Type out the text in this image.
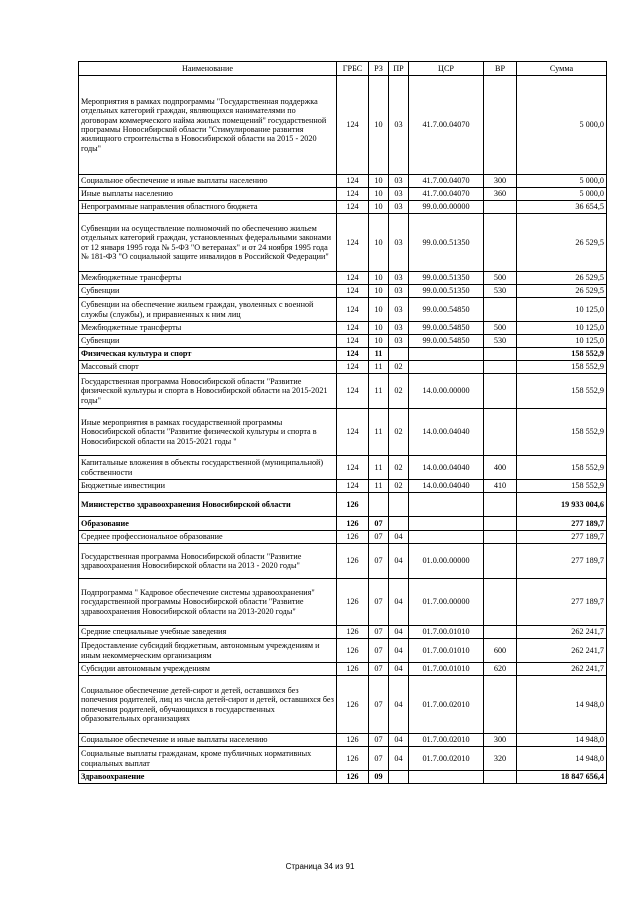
Наименование	ГРБС	РЗ	ПР	ЦСР	ВР	Сумма
Мероприятия в рамках подпрограммы "Государственная поддержка отдельных категорий граждан, являющихся нанимателями по договорам коммерческого найма жилых помещений" государственной программы Новосибирской области "Стимулирование развития жилищного строительства в Новосибирской области на 2015 - 2020 годы"	124	10	03	41.7.00.04070		5 000,0
Социальное обеспечение и иные выплаты населению	124	10	03	41.7.00.04070	300	5 000,0
Иные выплаты населению	124	10	03	41.7.00.04070	360	5 000,0
Непрограммные направления областного бюджета	124	10	03	99.0.00.00000		36 654,5
Субвенции на осуществление полномочий по обеспечению жильем отдельных категорий граждан, установленных федеральными законами от 12 января 1995 года № 5-ФЗ "О ветеранах" и от 24 ноября 1995 года № 181-ФЗ "О социальной защите инвалидов в Российской Федерации"	124	10	03	99.0.00.51350		26 529,5
Межбюджетные трансферты	124	10	03	99.0.00.51350	500	26 529,5
Субвенции	124	10	03	99.0.00.51350	530	26 529,5
Субвенции на обеспечение жильем граждан, уволенных с военной службы (службы), и приравненных к ним лиц	124	10	03	99.0.00.54850		10 125,0
Межбюджетные трансферты	124	10	03	99.0.00.54850	500	10 125,0
Субвенции	124	10	03	99.0.00.54850	530	10 125,0
Физическая культура и спорт	124	11				158 552,9
Массовый спорт	124	11	02			158 552,9
Государственная программа Новосибирской области "Развитие физической культуры и спорта в Новосибирской области на 2015-2021 годы"	124	11	02	14.0.00.00000		158 552,9
Иные мероприятия в рамках государственной программы Новосибирской области "Развитие физической культуры и спорта в Новосибирской области на 2015-2021 годы "	124	11	02	14.0.00.04040		158 552,9
Капитальные вложения в объекты государственной (муниципальной) собственности	124	11	02	14.0.00.04040	400	158 552,9
Бюджетные инвестиции	124	11	02	14.0.00.04040	410	158 552,9
Министерство здравоохранения Новосибирской области	126					19 933 004,6
Образование	126	07				277 189,7
Среднее профессиональное образование	126	07	04			277 189,7
Государственная программа Новосибирской области "Развитие здравоохранения Новосибирской области на 2013 - 2020 годы"	126	07	04	01.0.00.00000		277 189,7
Подпрограмма " Кадровое обеспечение системы здравоохранения" государственной программы Новосибирской области "Развитие здравоохранения Новосибирской области на 2013-2020 годы"	126	07	04	01.7.00.00000		277 189,7
Средние специальные учебные заведения	126	07	04	01.7.00.01010		262 241,7
Предоставление субсидий бюджетным, автономным учреждениям и иным некоммерческим организациям	126	07	04	01.7.00.01010	600	262 241,7
Субсидии автономным учреждениям	126	07	04	01.7.00.01010	620	262 241,7
Социальное обеспечение детей-сирот и детей, оставшихся без попечения родителей, лиц из числа детей-сирот и детей, оставшихся без попечения родителей, обучающихся в государственных образовательных организациях	126	07	04	01.7.00.02010		14 948,0
Социальное обеспечение и иные выплаты населению	126	07	04	01.7.00.02010	300	14 948,0
Социальные выплаты гражданам, кроме публичных нормативных социальных выплат	126	07	04	01.7.00.02010	320	14 948,0
Здравоохранение	126	09				18 847 656,4
Страница 34 из 91
